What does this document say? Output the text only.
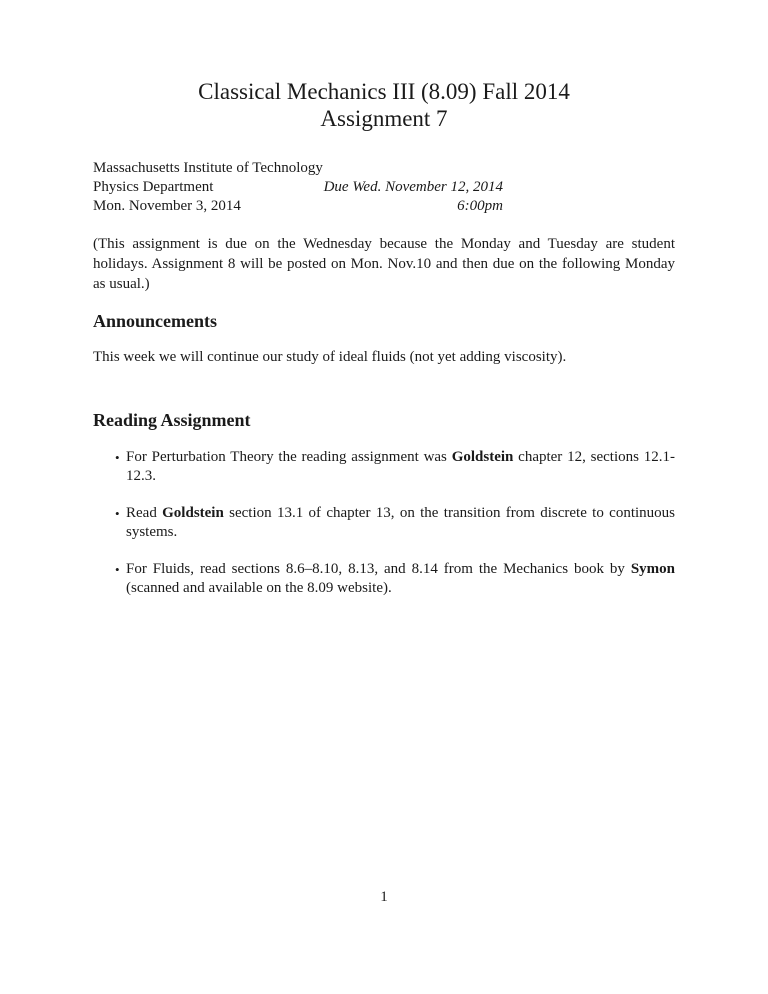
Classical Mechanics III (8.09) Fall 2014
Assignment 7
Massachusetts Institute of Technology
Physics Department
Mon. November 3, 2014
Due Wed. November 12, 2014
6:00pm
(This assignment is due on the Wednesday because the Monday and Tuesday are student holidays. Assignment 8 will be posted on Mon. Nov.10 and then due on the following Monday as usual.)
Announcements
This week we will continue our study of ideal fluids (not yet adding viscosity).
Reading Assignment
• For Perturbation Theory the reading assignment was Goldstein chapter 12, sections 12.1-12.3.
• Read Goldstein section 13.1 of chapter 13, on the transition from discrete to continuous systems.
• For Fluids, read sections 8.6–8.10, 8.13, and 8.14 from the Mechanics book by Symon (scanned and available on the 8.09 website).
1
